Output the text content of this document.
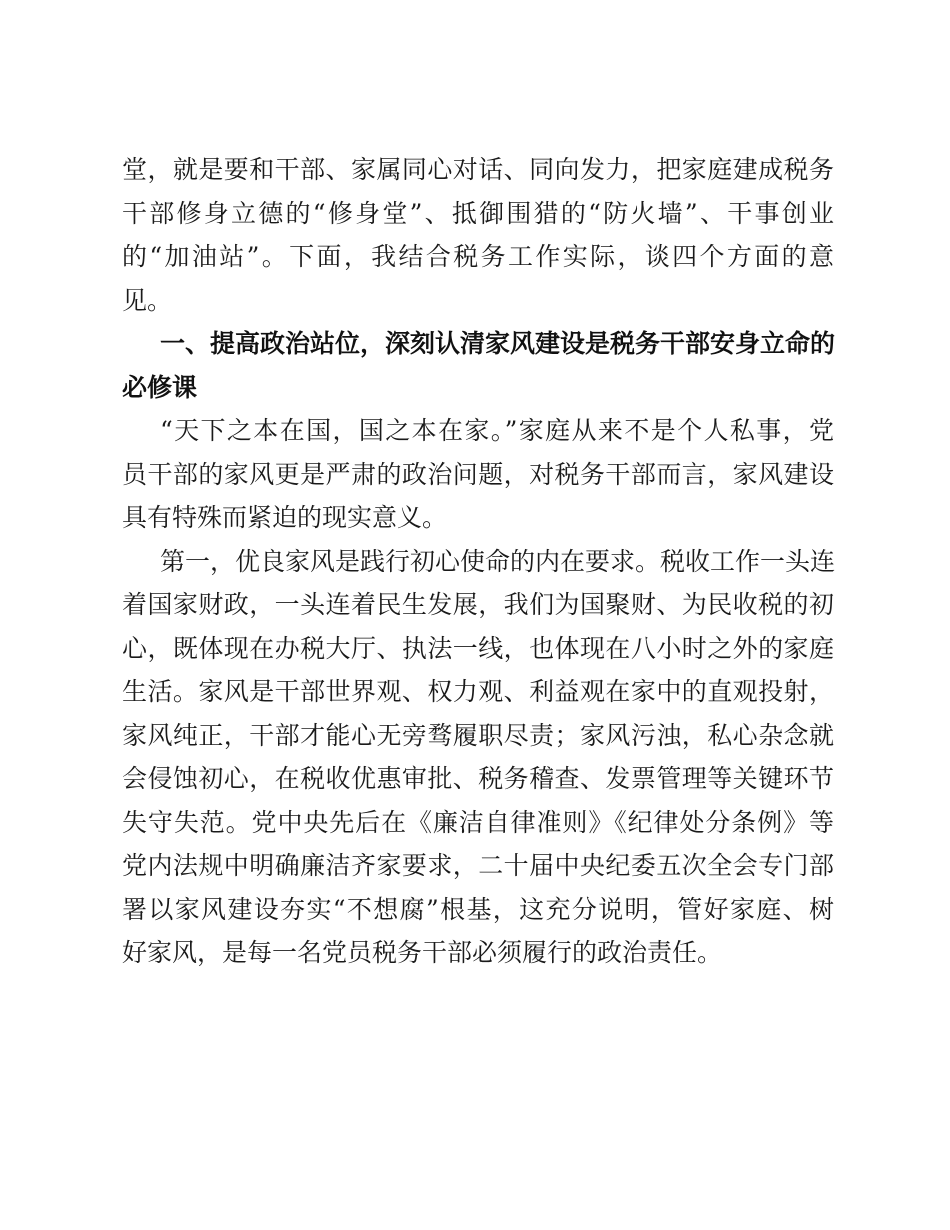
堂，就是要和干部、家属同心对话、同向发力，把家庭建成税务
干部修身立德的“修身堂”、抵御围猎的“防火墙”、干事创业
的“加油站”。下面，我结合税务工作实际，谈四个方面的意
见。
一、提高政治站位，深刻认清家风建设是税务干部安身立命的
必修课
“天下之本在国，国之本在家。”家庭从来不是个人私事，党
员干部的家风更是严肃的政治问题，对税务干部而言，家风建设
具有特殊而紧迫的现实意义。
第一，优良家风是践行初心使命的内在要求。税收工作一头连
着国家财政，一头连着民生发展，我们为国聚财、为民收税的初
心，既体现在办税大厅、执法一线，也体现在八小时之外的家庭
生活。家风是干部世界观、权力观、利益观在家中的直观投射，
家风纯正，干部才能心无旁骛履职尽责；家风污浊，私心杂念就
会侵蚀初心，在税收优惠审批、税务稽查、发票管理等关键环节
失守失范。党中央先后在《廉洁自律准则》《纪律处分条例》等
党内法规中明确廉洁齐家要求，二十届中央纪委五次全会专门部
署以家风建设夯实“不想腐”根基，这充分说明，管好家庭、树
好家风，是每一名党员税务干部必须履行的政治责任。
